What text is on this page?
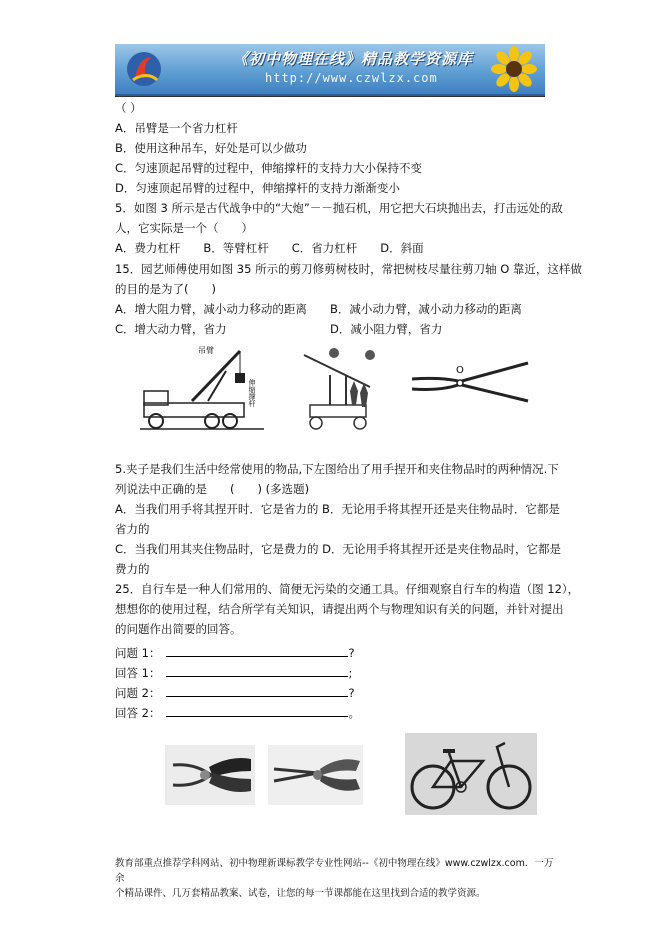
《初中物理在线》精品教学资源库
http://www.czwlzx.com
（ ）
A．吊臂是一个省力杠杆
B．使用这种吊车，好处是可以少做功
C．匀速顶起吊臂的过程中，伸缩撑杆的支持力大小保持不变
D．匀速顶起吊臂的过程中，伸缩撑杆的支持力渐渐变小
5．如图 3 所示是古代战争中的“大炮”－－抛石机，用它把大石块抛出去，打击远处的敌
人，它实际是一个（　　）
A．费力杠杆　　B．等臂杠杆　　C．省力杠杆　　D．斜面
15．园艺师傅使用如图 35 所示的剪刀修剪树枝时，常把树枝尽量往剪刀轴 O 靠近，这样做
的目的是为了(　　)
A．增大阻力臂，减小动力移动的距离 B．减小动力臂，减小动力移动的距离
C．增大动力臂，省力	D．减小阻力臂，省力
吊臂
伸缩撑杆
O
5.夹子是我们生活中经常使用的物品,下左图给出了用手捏开和夹住物品时的两种情况.下
列说法中正确的是　　(　　) (多选题)
A．当我们用手将其捏开时．它是省力的 B．无论用手将其捏开还是夹住物品时．它都是
省力的
C．当我们用其夹住物品时，它是费力的 D．无论用手将其捏开还是夹住物品时，它都是
费力的
25．自行车是一种人们常用的、简便无污染的交通工具。仔细观察自行车的构造（图 12），
想想你的使用过程，结合所学有关知识，请提出两个与物理知识有关的问题，并针对提出
的问题作出简要的回答。
问题 1：	?
回答 1：	;
问题 2：	?
回答 2：	。
教育部重点推荐学科网站、初中物理新课标教学专业性网站--《初中物理在线》www.czwlzx.com．一万余
个精品课件、几万套精品教案、试卷，让您的每一节课都能在这里找到合适的教学资源。
